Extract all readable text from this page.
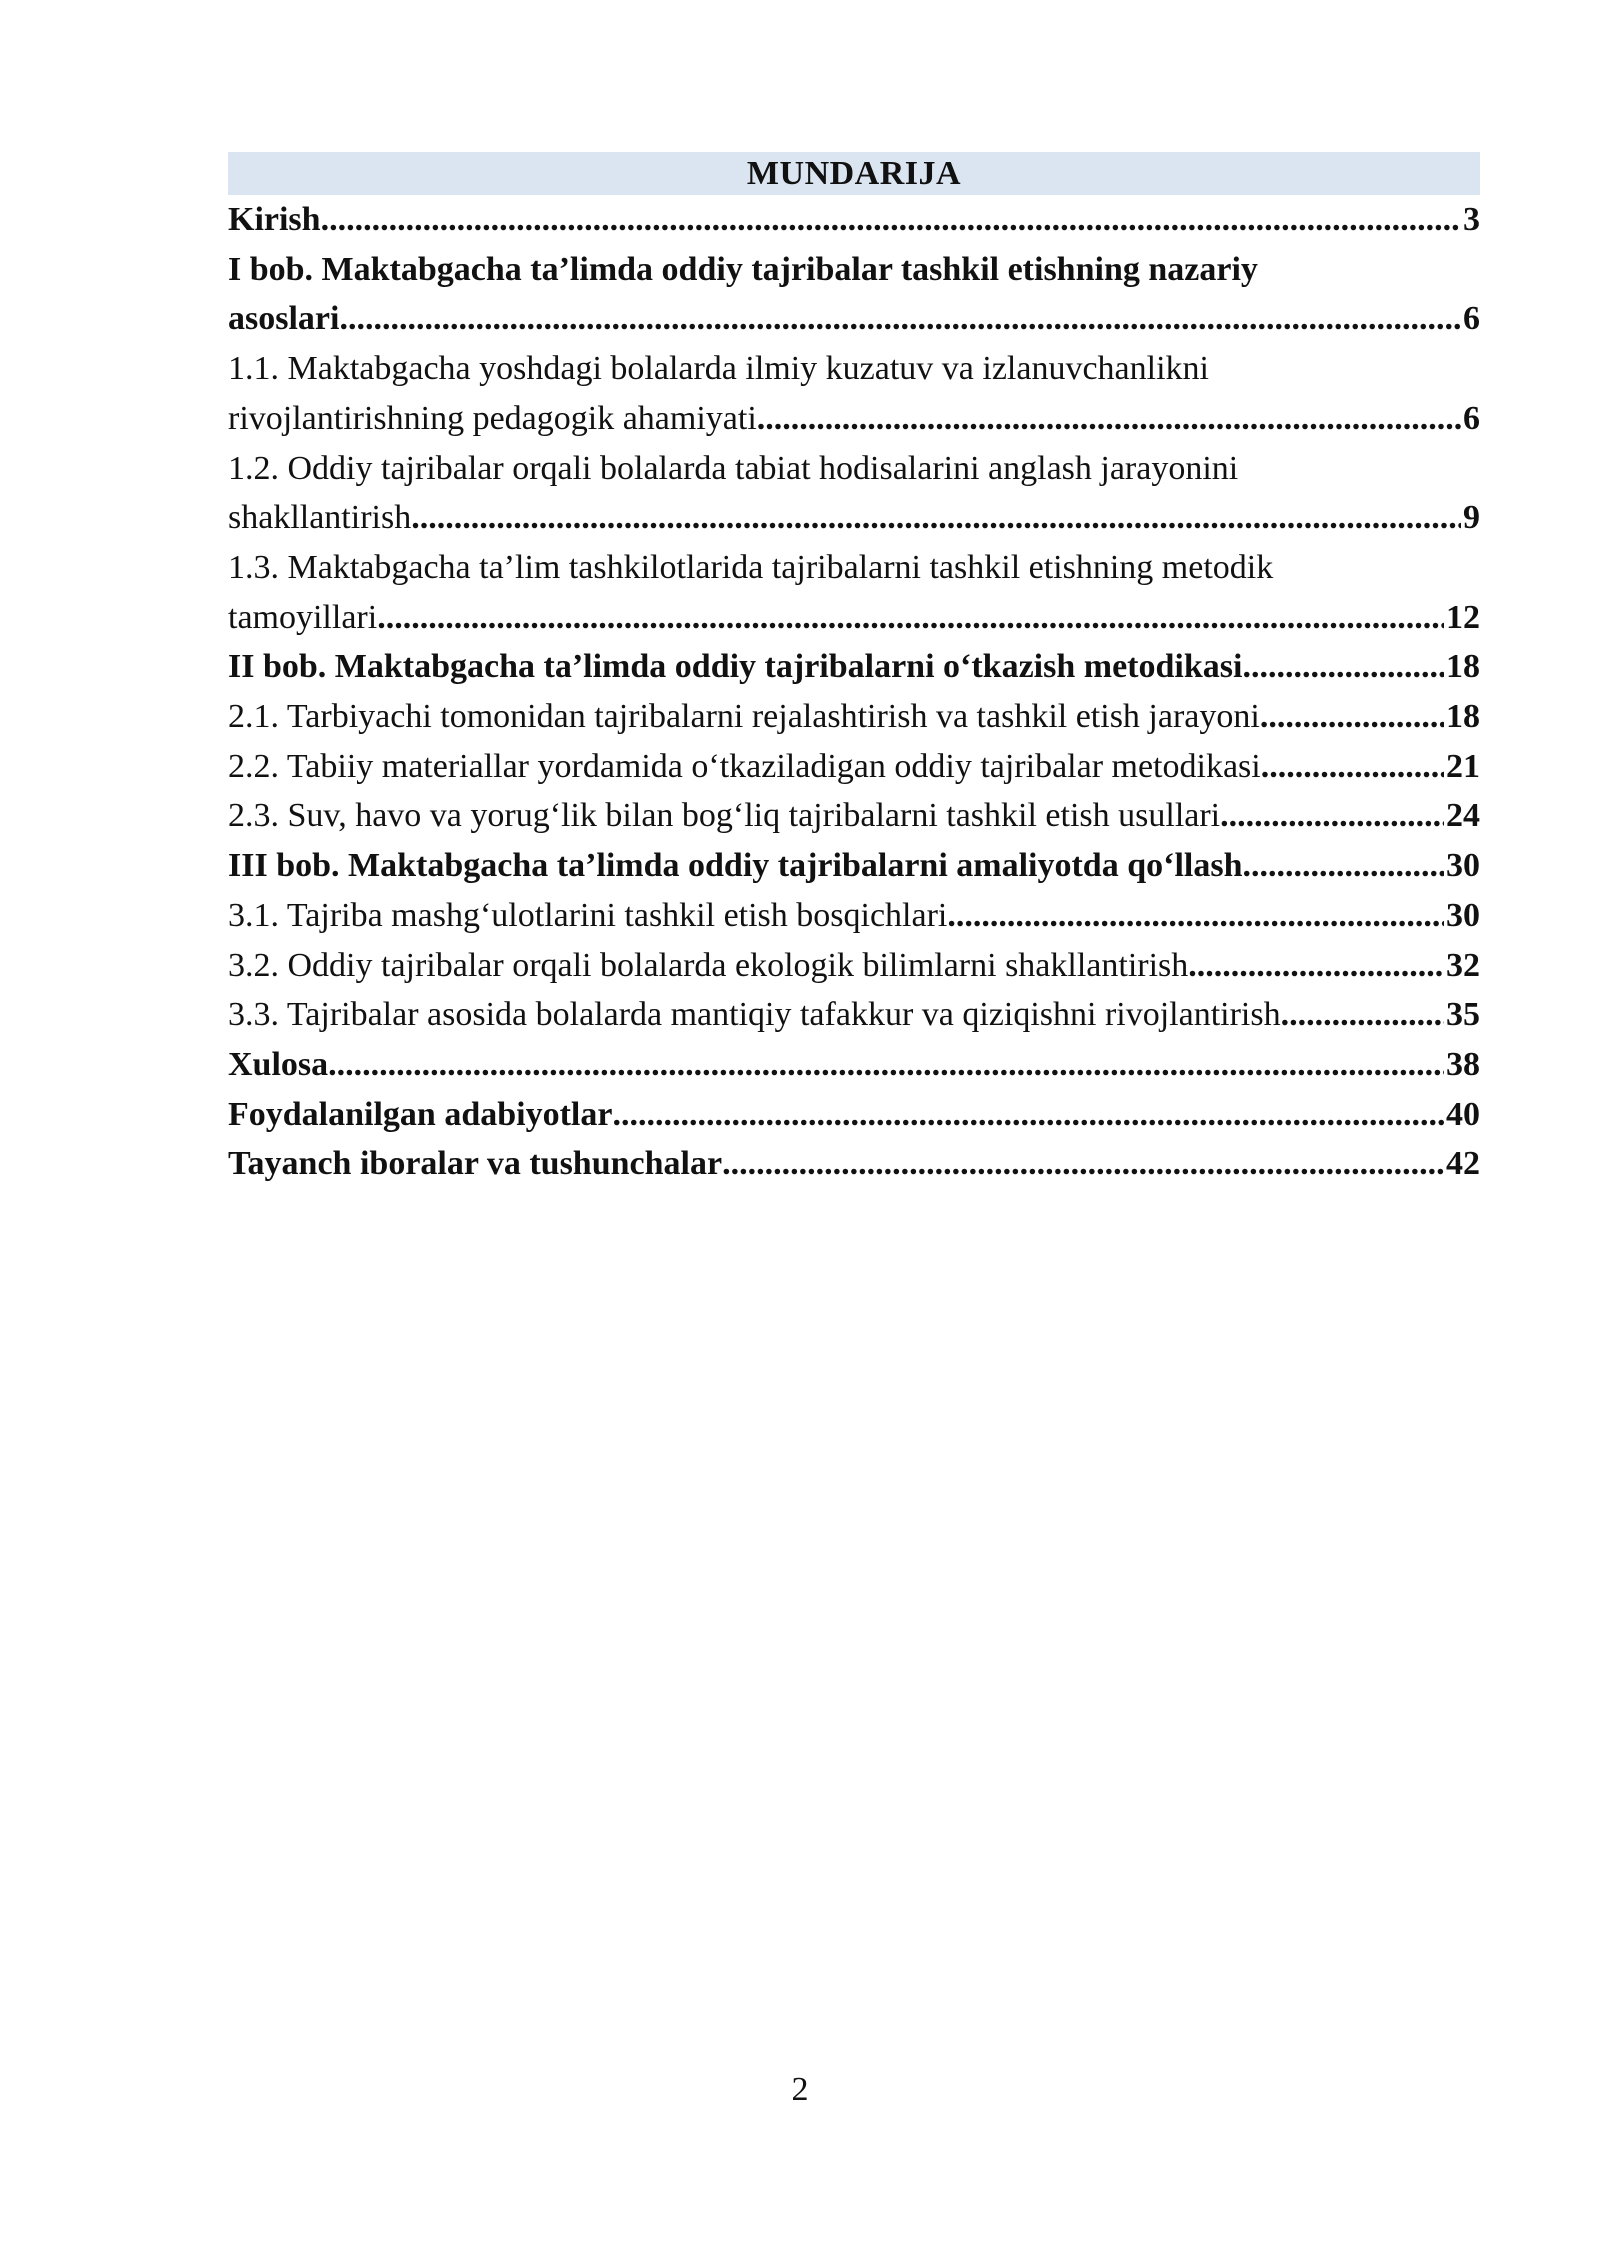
MUNDARIJA
Kirish .....	3
I bob. Maktabgacha ta’limda oddiy tajribalar tashkil etishning nazariy
asoslari .....	6
1.1. Maktabgacha yoshdagi bolalarda ilmiy kuzatuv va izlanuvchanlikni
rivojlantirishning pedagogik ahamiyati .....	6
1.2. Oddiy tajribalar orqali bolalarda tabiat hodisalarini anglash jarayonini
shakllantirish .....	9
1.3. Maktabgacha ta’lim tashkilotlarida tajribalarni tashkil etishning metodik
tamoyillari .....	12
II bob. Maktabgacha ta’limda oddiy tajribalarni o‘tkazish metodikasi .....	18
2.1. Tarbiyachi tomonidan tajribalarni rejalashtirish va tashkil etish jarayoni .....	18
2.2. Tabiiy materiallar yordamida o‘tkaziladigan oddiy tajribalar metodikasi .....	21
2.3. Suv, havo va yorug‘lik bilan bog‘liq tajribalarni tashkil etish usullari .....	24
III bob. Maktabgacha ta’limda oddiy tajribalarni amaliyotda qo‘llash .....	30
3.1. Tajriba mashg‘ulotlarini tashkil etish bosqichlari .....	30
3.2. Oddiy tajribalar orqali bolalarda ekologik bilimlarni shakllantirish .....	32
3.3. Tajribalar asosida bolalarda mantiqiy tafakkur va qiziqishni rivojlantirish .....	35
Xulosa .....	38
Foydalanilgan adabiyotlar .....	40
Tayanch iboralar va tushunchalar .....	42
2
